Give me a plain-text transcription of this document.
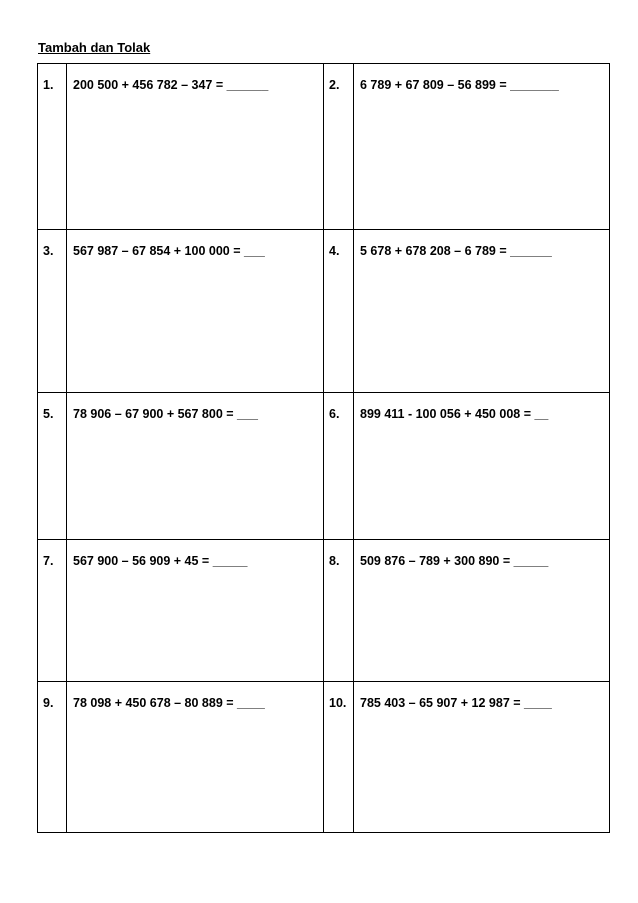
Tambah dan Tolak
1.	200 500 + 456 782 – 347 = ______	2.	6 789 + 67 809 – 56 899 = _______

3.	567 987 – 67 854 + 100 000 = ___	4.	5 678 + 678 208 – 6 789 = ______

5.	78 906 – 67 900 + 567 800 = ___	6.	899 411 - 100 056 + 450 008 = __

7.	567 900 – 56 909 + 45 = _____	8.	509 876 – 789 + 300 890 = _____

9.	78 098 + 450 678 – 80 889 = ____	10.	785 403 – 65 907 + 12 987 = ____
